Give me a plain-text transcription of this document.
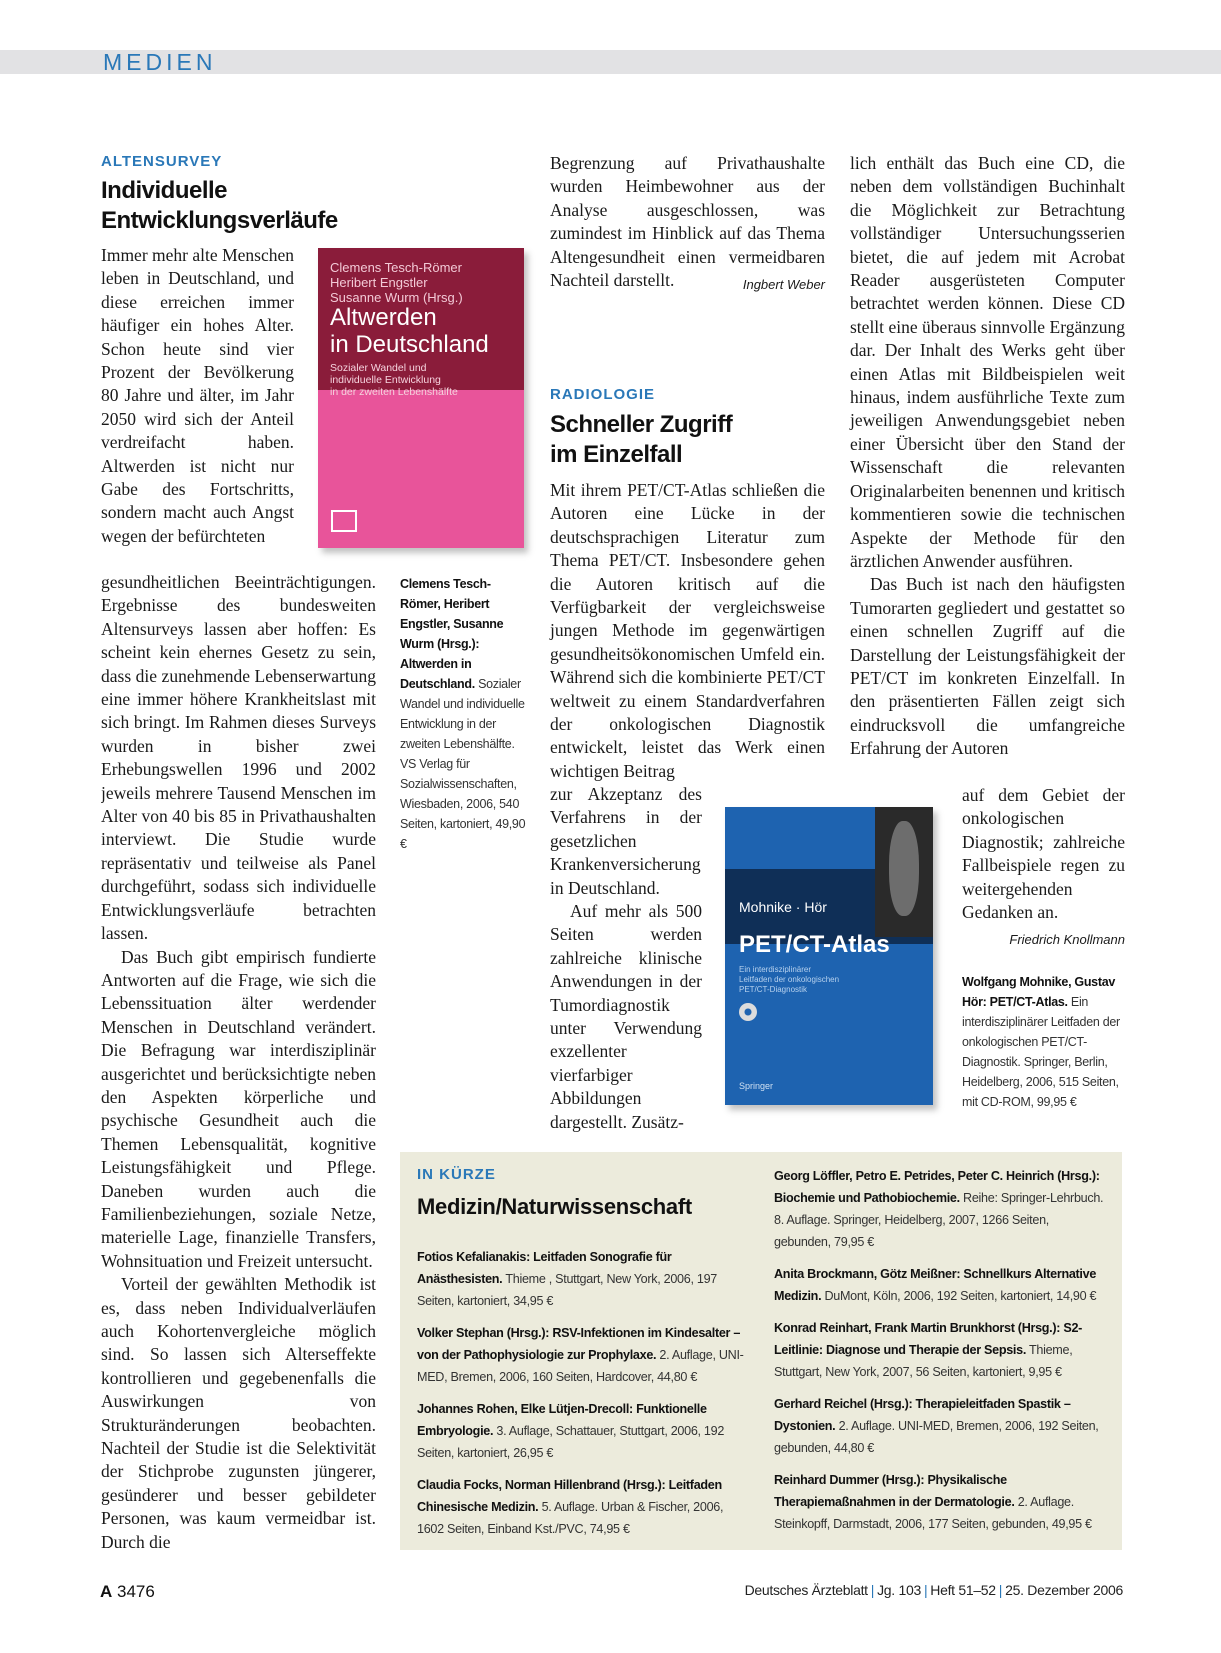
MEDIEN
ALTENSURVEY
Individuelle
Entwicklungsverläufe
Clemens Tesch-Römer
Heribert Engstler
Susanne Wurm (Hrsg.)
Altwerden
in Deutschland
Sozialer Wandel und
individuelle Entwicklung
in der zweiten Lebenshälfte

Immer mehr alte Menschen leben in Deutschland, und diese erreichen immer häufiger ein hohes Alter. Schon heute sind vier Prozent der Bevölkerung 80 Jahre und älter, im Jahr 2050 wird sich der Anteil verdreifacht haben. Altwerden ist nicht nur Gabe des Fortschritts, sondern macht auch Angst wegen der befürchteten

gesundheitlichen Beeinträchtigungen. Ergebnisse des bundesweiten Altensurveys lassen aber hoffen: Es scheint kein ehernes Gesetz zu sein, dass die zunehmende Lebenserwartung eine immer höhere Krankheitslast mit sich bringt. Im Rahmen dieses Surveys wurden in bisher zwei Erhebungswellen 1996 und 2002 jeweils mehrere Tausend Menschen im Alter von 40 bis 85 in Privathaushalten interviewt. Die Studie wurde repräsentativ und teilweise als Panel durchgeführt, sodass sich individuelle Entwicklungsverläufe betrachten lassen.

Das Buch gibt empirisch fundierte Antworten auf die Frage, wie sich die Lebenssituation älter werdender Menschen in Deutschland verändert. Die Befragung war interdisziplinär ausgerichtet und berücksichtigte neben den Aspekten körperliche und psychische Gesundheit auch die Themen Lebensqualität, kognitive Leistungsfähigkeit und Pflege. Daneben wurden auch die Familienbeziehungen, soziale Netze, materielle Lage, finanzielle Transfers, Wohnsituation und Freizeit untersucht.

Vorteil der gewählten Methodik ist es, dass neben Individualverläufen auch Kohortenvergleiche möglich sind. So lassen sich Alterseffekte kontrollieren und gegebenenfalls die Auswirkungen von Strukturänderungen beobachten. Nachteil der Studie ist die Selektivität der Stichprobe zugunsten jüngerer, gesünderer und besser gebildeter Personen, was kaum vermeidbar ist. Durch die

Clemens Tesch-Römer, Heribert Engstler, Susanne Wurm (Hrsg.): Altwerden in Deutschland. Sozialer Wandel und individuelle Entwicklung in der zweiten Lebenshälfte. VS Verlag für Sozialwissenschaften, Wiesbaden, 2006, 540 Seiten, kartoniert, 49,90 €

Begrenzung auf Privathaushalte wurden Heimbewohner aus der Analyse ausgeschlossen, was zumindest im Hinblick auf das Thema Altengesundheit einen vermeidbaren Nachteil darstellt.	Ingbert Weber

RADIOLOGIE
Schneller Zugriff
im Einzelfall

Mit ihrem PET/CT-Atlas schließen die Autoren eine Lücke in der deutschsprachigen Literatur zum Thema PET/CT. Insbesondere gehen die Autoren kritisch auf die Verfügbarkeit der vergleichsweise jungen Methode im gegenwärtigen gesundheitsökonomischen Umfeld ein. Während sich die kombinierte PET/CT weltweit zu einem Standardverfahren der onkologischen Diagnostik entwickelt, leistet das Werk einen wichtigen Beitrag

zur Akzeptanz des Verfahrens in der gesetzlichen Krankenversicherung in Deutschland.

Auf mehr als 500 Seiten werden zahlreiche klinische Anwendungen in der Tumordiagnostik unter Verwendung exzellenter vierfarbiger Abbildungen dargestellt. Zusätz-

Mohnike · Hör
PET/CT-Atlas
Ein interdisziplinärer
Leitfaden der onkologischen
PET/CT-Diagnostik
Springer

lich enthält das Buch eine CD, die neben dem vollständigen Buchinhalt die Möglichkeit zur Betrachtung vollständiger Untersuchungsserien bietet, die auf jedem mit Acrobat Reader ausgerüsteten Computer betrachtet werden können. Diese CD stellt eine überaus sinnvolle Ergänzung dar. Der Inhalt des Werks geht über einen Atlas mit Bildbeispielen weit hinaus, indem ausführliche Texte zum jeweiligen Anwendungsgebiet neben einer Übersicht über den Stand der Wissenschaft die relevanten Originalarbeiten benennen und kritisch kommentieren sowie die technischen Aspekte der Methode für den ärztlichen Anwender ausführen.

Das Buch ist nach den häufigsten Tumorarten gegliedert und gestattet so einen schnellen Zugriff auf die Darstellung der Leistungsfähigkeit der PET/CT im konkreten Einzelfall. In den präsentierten Fällen zeigt sich eindrucksvoll die umfangreiche Erfahrung der Autoren

auf dem Gebiet der onkologischen Diagnostik; zahlreiche Fallbeispiele regen zu weitergehenden Gedanken an.

Friedrich Knollmann
Wolfgang Mohnike, Gustav Hör: PET/CT-Atlas. Ein interdisziplinärer Leitfaden der onkologischen PET/CT-Diagnostik. Springer, Berlin, Heidelberg, 2006, 515 Seiten, mit CD-ROM, 99,95 €
IN KÜRZE
Medizin/Naturwissenschaft
Fotios Kefalianakis: Leitfaden Sonografie für Anästhesisten. Thieme , Stuttgart, New York, 2006, 197 Seiten, kartoniert, 34,95 €
Volker Stephan (Hrsg.): RSV-Infektionen im Kindesalter – von der Pathophysiologie zur Prophylaxe. 2. Auflage, UNI-MED, Bremen, 2006, 160 Seiten, Hardcover, 44,80 €
Johannes Rohen, Elke Lütjen-Drecoll: Funktionelle Embryologie. 3. Auflage, Schattauer, Stuttgart, 2006, 192 Seiten, kartoniert, 26,95 €
Claudia Focks, Norman Hillenbrand (Hrsg.): Leitfaden Chinesische Medizin. 5. Auflage. Urban & Fischer, 2006, 1602 Seiten, Einband Kst./PVC, 74,95 €
Georg Löffler, Petro E. Petrides, Peter C. Heinrich (Hrsg.): Biochemie und Pathobiochemie. Reihe: Springer-Lehrbuch. 8. Auflage. Springer, Heidelberg, 2007, 1266 Seiten, gebunden, 79,95 €
Anita Brockmann, Götz Meißner: Schnellkurs Alternative Medizin. DuMont, Köln, 2006, 192 Seiten, kartoniert, 14,90 €
Konrad Reinhart, Frank Martin Brunkhorst (Hrsg.): S2-Leitlinie: Diagnose und Therapie der Sepsis. Thieme, Stuttgart, New York, 2007, 56 Seiten, kartoniert, 9,95 €
Gerhard Reichel (Hrsg.): Therapieleitfaden Spastik – Dystonien. 2. Auflage. UNI-MED, Bremen, 2006, 192 Seiten, gebunden, 44,80 €
Reinhard Dummer (Hrsg.): Physikalische Therapiemaßnahmen in der Dermatologie. 2. Auflage. Steinkopff, Darmstadt, 2006, 177 Seiten, gebunden, 49,95 €
A 3476	Deutsches Ärzteblatt | Jg. 103 | Heft 51–52 | 25. Dezember 2006
